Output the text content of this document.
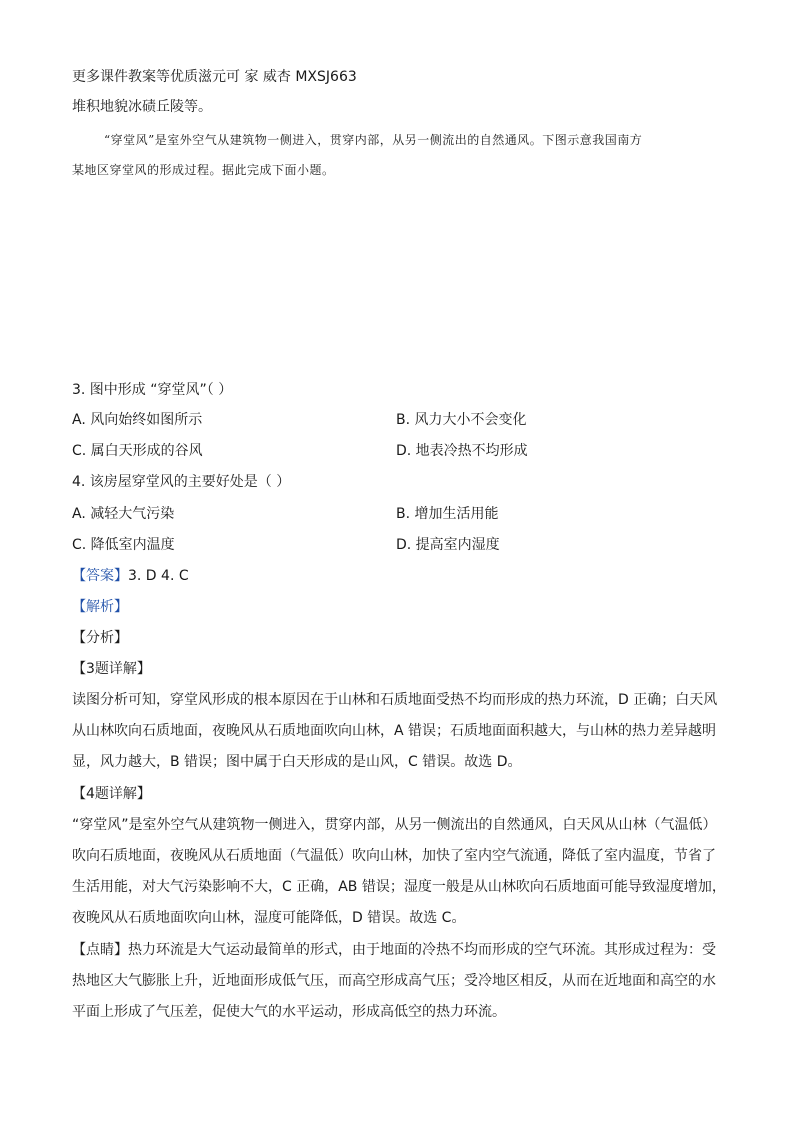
更多课件教案等优质滋元可 家 威杏 MXSJ663
堆积地貌冰碛丘陵等。
“穿堂风”是室外空气从建筑物一侧进入，贯穿内部，从另一侧流出的自然通风。下图示意我国南方
某地区穿堂风的形成过程。据此完成下面小题。
3. 图中形成 “穿堂风”（ ）
A. 风向始终如图所示	B. 风力大小不会变化
C. 属白天形成的谷风	D. 地表冷热不均形成
4. 该房屋穿堂风的主要好处是（ ）
A. 减轻大气污染	B. 增加生活用能
C. 降低室内温度	D. 提高室内湿度
【答案】3. D 4. C
【解析】
【分析】
【3题详解】
读图分析可知，穿堂风形成的根本原因在于山林和石质地面受热不均而形成的热力环流，D 正确；白天风
从山林吹向石质地面，夜晚风从石质地面吹向山林，A 错误；石质地面面积越大，与山林的热力差异越明
显，风力越大，B 错误；图中属于白天形成的是山风，C 错误。故选 D。
【4题详解】
“穿堂风”是室外空气从建筑物一侧进入，贯穿内部，从另一侧流出的自然通风，白天风从山林（气温低）
吹向石质地面，夜晚风从石质地面（气温低）吹向山林，加快了室内空气流通，降低了室内温度，节省了
生活用能，对大气污染影响不大，C 正确，AB 错误；湿度一般是从山林吹向石质地面可能导致湿度增加，
夜晚风从石质地面吹向山林，湿度可能降低，D 错误。故选 C。
【点睛】热力环流是大气运动最简单的形式，由于地面的冷热不均而形成的空气环流。其形成过程为：受
热地区大气膨胀上升，近地面形成低气压，而高空形成高气压；受冷地区相反，从而在近地面和高空的水
平面上形成了气压差，促使大气的水平运动，形成高低空的热力环流。
